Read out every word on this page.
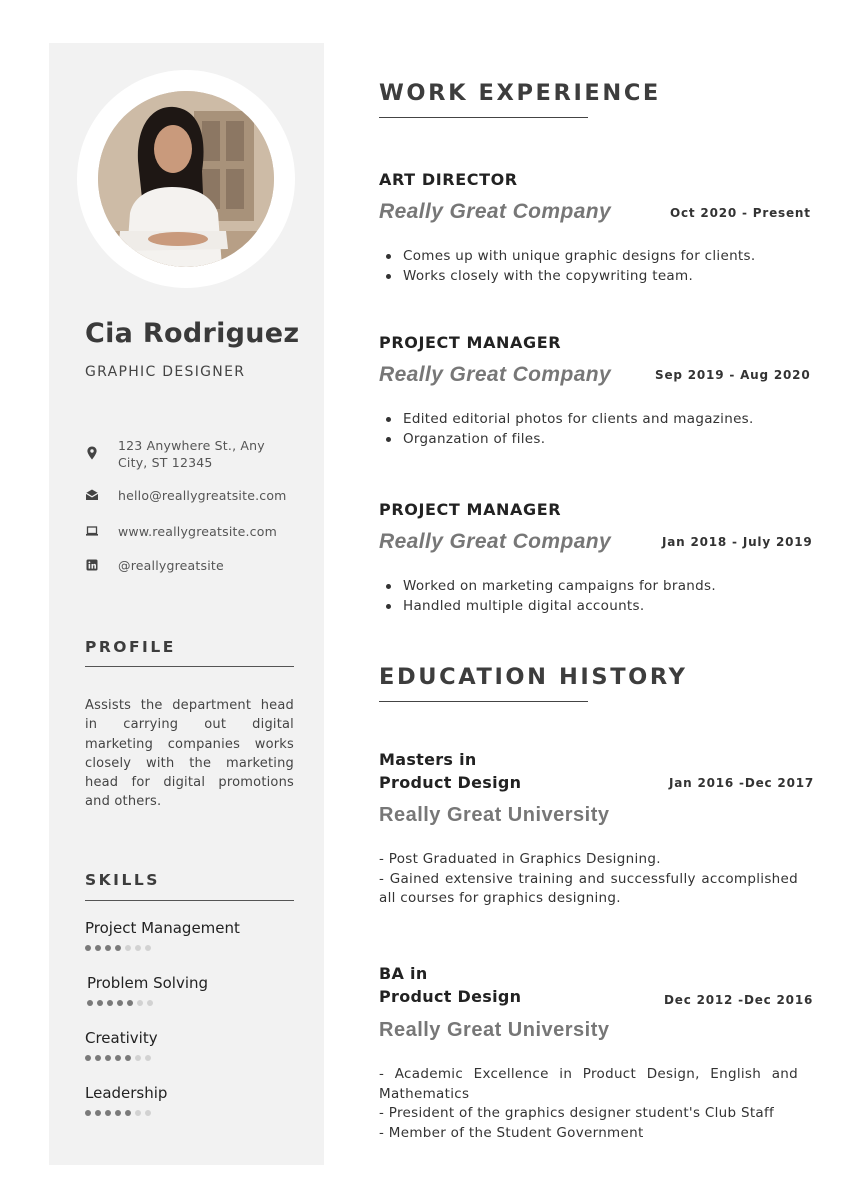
Cia Rodriguez
GRAPHIC DESIGNER
123 Anywhere St., Any City, ST 12345
hello@reallygreatsite.com
www.reallygreatsite.com
@reallygreatsite
PROFILE

Assists the department head in carrying out digital marketing companies works closely with the marketing head for digital promotions and others.

SKILLS
Project Management
Problem Solving
Creativity
Leadership
WORK EXPERIENCE
ART DIRECTOR
Really Great Company	Oct 2020 - Present
Comes up with unique graphic designs for clients.
Works closely with the copywriting team.
PROJECT MANAGER
Really Great Company	Sep 2019 - Aug 2020
Edited editorial photos for clients and magazines.
Organzation of files.
PROJECT MANAGER
Really Great Company	Jan 2018 - July 2019
Worked on marketing campaigns for brands.
Handled multiple digital accounts.
EDUCATION HISTORY
Masters in
Product Design	Jan 2016 -Dec 2017
Really Great University
- Post Graduated in Graphics Designing.
- Gained extensive training and successfully accomplished all courses for graphics designing.
BA in
Product Design	Dec 2012 -Dec 2016
Really Great University
- Academic Excellence in Product Design, English and Mathematics
- President of the graphics designer student's Club Staff
- Member of the Student Government
